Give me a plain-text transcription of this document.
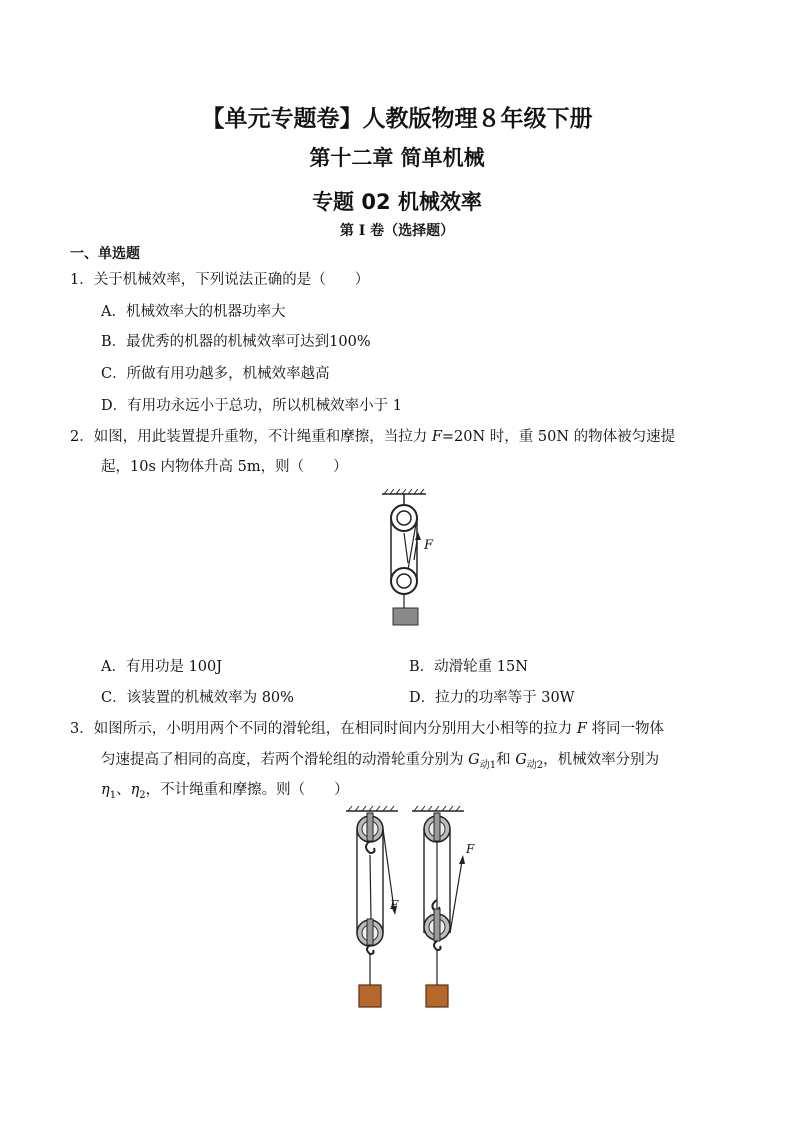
【单元专题卷】人教版物理８年级下册
第十二章 简单机械
专题 02 机械效率
第 I 卷（选择题）
一、单选题
1．关于机械效率，下列说法正确的是（　　）
A．机械效率大的机器功率大
B．最优秀的机器的机械效率可达到100%
C．所做有用功越多，机械效率越高
D．有用功永远小于总功，所以机械效率小于 1
2．如图，用此装置提升重物，不计绳重和摩擦，当拉力 F=20N 时，重 50N 的物体被匀速提
起，10s 内物体升高 5m，则（　　）
F
A．有用功是 100J	B．动滑轮重 15N
C．该装置的机械效率为 80%	D．拉力的功率等于 30W
3．如图所示，小明用两个不同的滑轮组，在相同时间内分别用大小相等的拉力 F 将同一物体
匀速提高了相同的高度，若两个滑轮组的动滑轮重分别为 $G_{动1}$和 $G_{动2}$，机械效率分别为
$\eta_1$、$\eta_2$，不计绳重和摩擦。则（　　）
F
F
